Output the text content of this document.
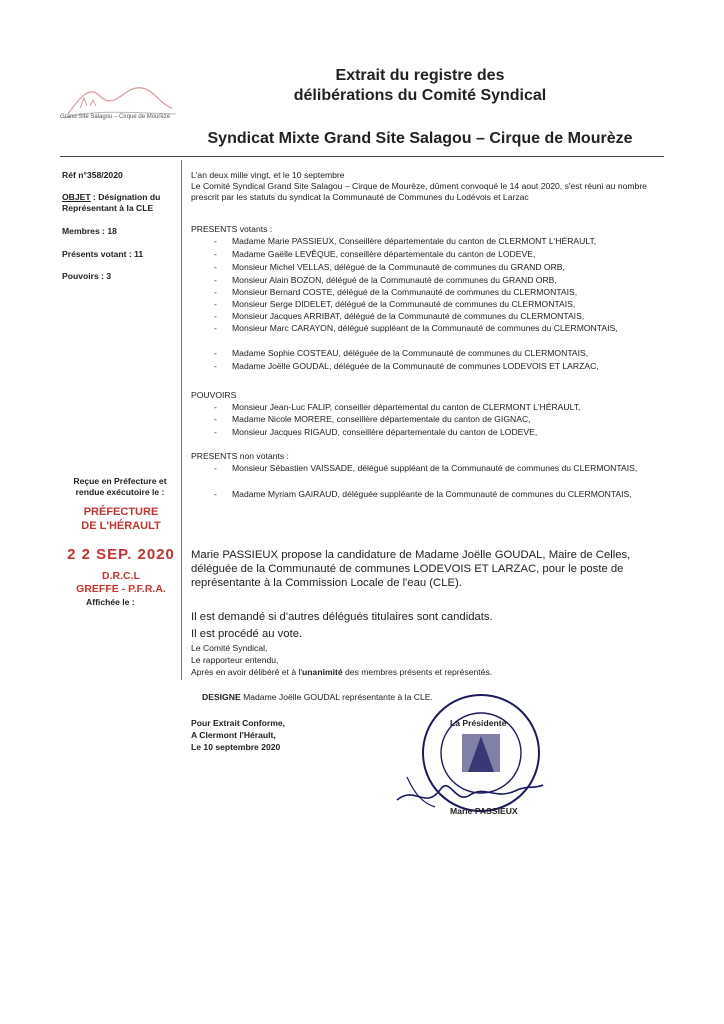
Grand Site Salagou – Cirque de Mourèze
Extrait du registre des
délibérations du Comité Syndical
Syndicat Mixte Grand Site Salagou – Cirque de Mourèze
Réf n°358/2020
OBJET : Désignation du Représentant à la CLE
Membres : 18
Présents votant : 11
Pouvoirs : 3
Reçue en Préfecture et rendue exécutoire le :
PRÉFECTURE
DE L'HÉRAULT
2 2 SEP. 2020
D.R.C.L
GREFFE - P.F.R.A.
Affichée le :
L'an deux mille vingt, et le 10 septembre
Le Comité Syndical Grand Site Salagou – Cirque de Mourèze, dûment convoqué le 14 aout 2020, s'est réuni au nombre prescrit par les statuts du syndicat la Communauté de Communes du Lodévois et Larzac
PRESENTS votants :
- Madame Marie PASSIEUX, Conseillère départementale du canton de CLERMONT L'HÉRAULT,
- Madame Gaëlle LEVÊQUE, conseillère départementale du canton de LODEVE,
- Monsieur Michel VELLAS, délégué de la Communauté de communes du GRAND ORB,
- Monsieur Alain BOZON, délégué de la Communauté de communes du GRAND ORB,
- Monsieur Bernard COSTE, délégué de la Communauté de communes du CLERMONTAIS,
- Monsieur Serge DIDELET, délégué de la Communauté de communes du CLERMONTAIS,
- Monsieur Jacques ARRIBAT, délégué de la Communauté de communes du CLERMONTAIS,
- Monsieur Marc CARAYON, délégué suppléant de la Communauté de communes du CLERMONTAIS,
- Madame Sophie COSTEAU, déléguée de la Communauté de communes du CLERMONTAIS,
- Madame Joëlle GOUDAL, déléguée de la Communauté de communes LODEVOIS ET LARZAC,
POUVOIRS
- Monsieur Jean-Luc FALIP, conseiller départemental du canton de CLERMONT L'HÉRAULT,
- Madame Nicole MORERE, conseillère départementale du canton de GIGNAC,
- Monsieur Jacques RIGAUD, conseillère départementale du canton de LODEVE,
PRESENTS non votants :
- Monsieur Sébastien VAISSADE, délégué suppléant de la Communauté de communes du CLERMONTAIS,
- Madame Myriam GAIRAUD, déléguée suppléante de la Communauté de communes du CLERMONTAIS,
Marie PASSIEUX propose la candidature de Madame Joëlle GOUDAL, Maire de Celles, déléguée de la Communauté de communes LODEVOIS ET LARZAC, pour le poste de représentante à la Commission Locale de l'eau (CLE).
Il est demandé si d'autres délégués titulaires sont candidats.
Il est procédé au vote.
Le Comité Syndical,
Le rapporteur entendu,
Après en avoir délibéré et à l'unanimité des membres présents et représentés.
DESIGNE Madame Joëlle GOUDAL représentante à la CLE.
Pour Extrait Conforme,
A Clermont l'Hérault,
Le 10 septembre 2020
La Présidente
Marie PASSIEUX
